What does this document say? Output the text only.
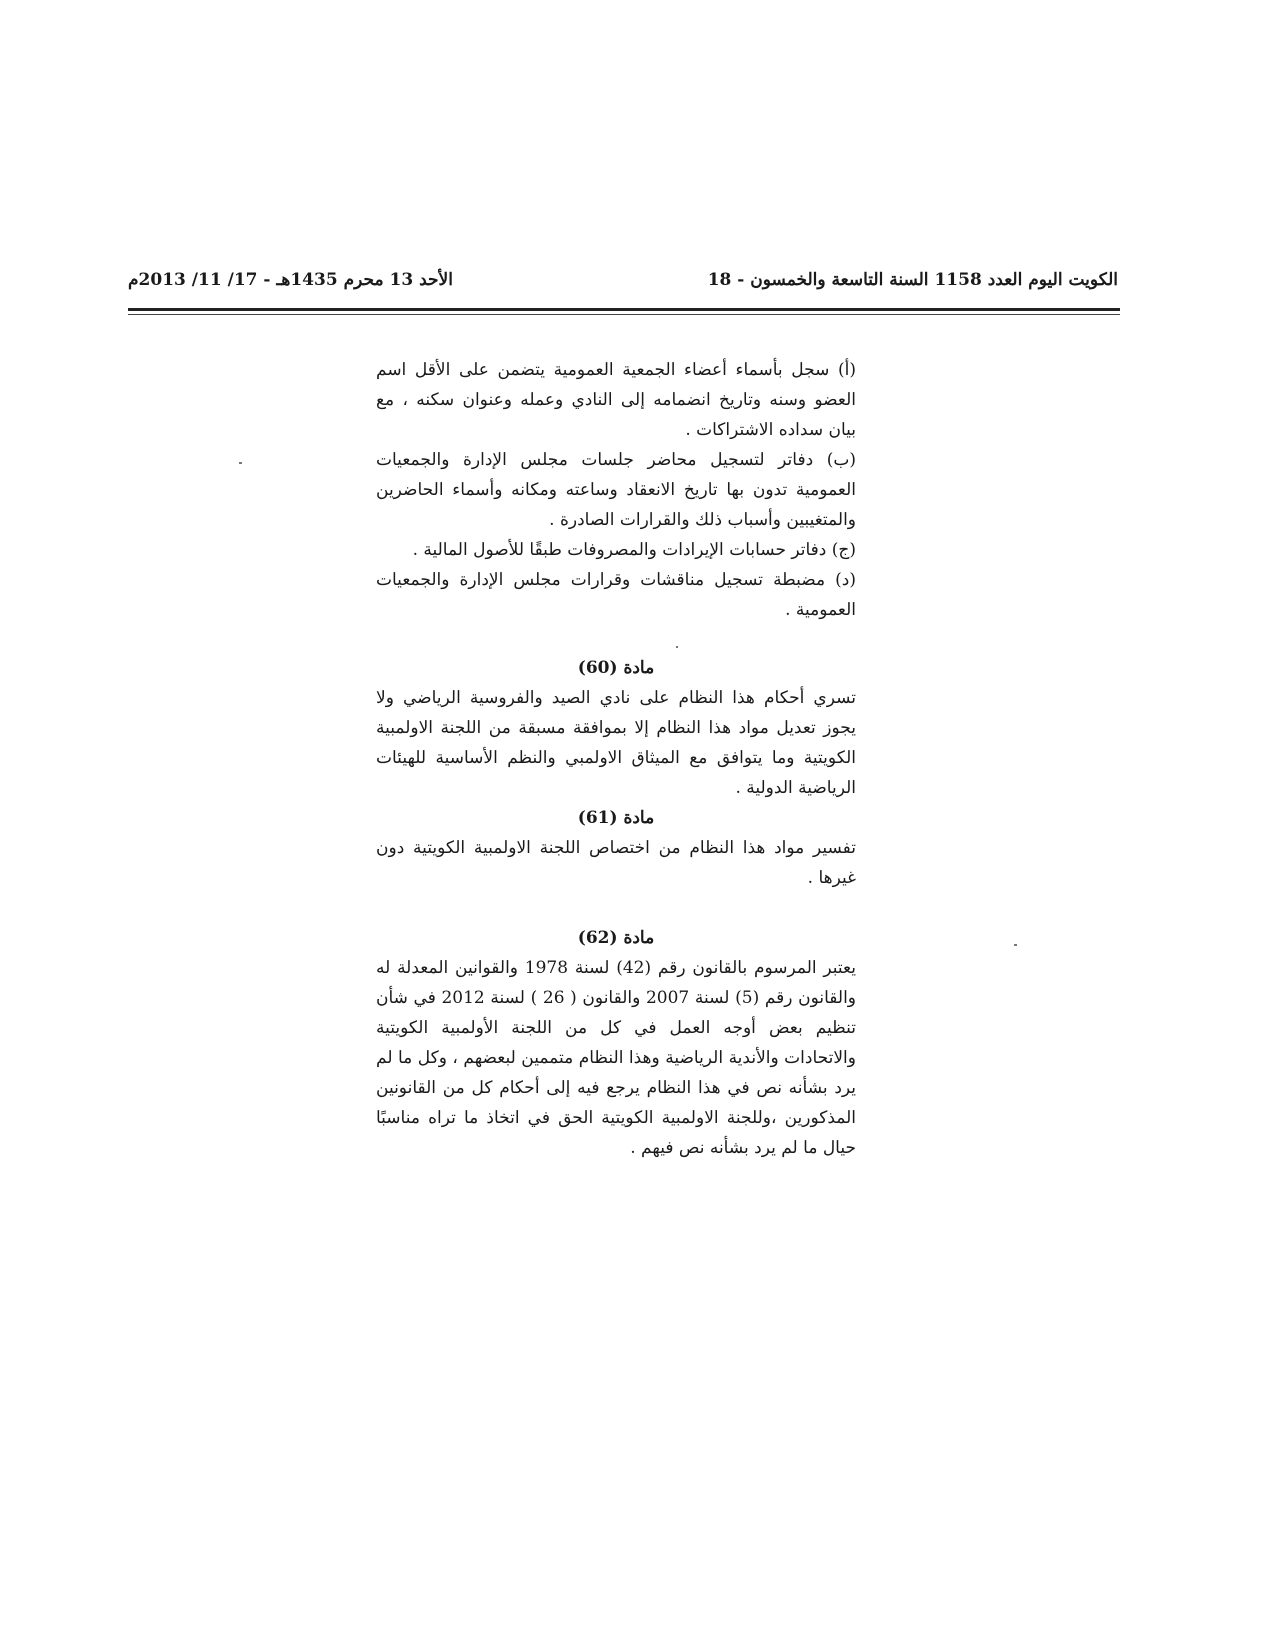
الكويت اليوم العدد 1158 السنة التاسعة والخمسون - 18
الأحد 13 محرم 1435هـ - 17/ 11/ 2013م

(أ) سجل بأسماء أعضاء الجمعية العمومية يتضمن على الأقل اسم العضو وسنه وتاريخ انضمامه إلى النادي وعمله وعنوان سكنه ، مع بيان سداده الاشتراكات .

(ب) دفاتر لتسجيل محاضر جلسات مجلس الإدارة والجمعيات العمومية تدون بها تاريخ الانعقاد وساعته ومكانه وأسماء الحاضرين والمتغيبين وأسباب ذلك والقرارات الصادرة .

(ج) دفاتر حسابات الإيرادات والمصروفات طبقًا للأصول المالية .

(د) مضبطة تسجيل مناقشات وقرارات مجلس الإدارة والجمعيات العمومية .

مادة (60)

تسري أحكام هذا النظام على نادي الصيد والفروسية الرياضي ولا يجوز تعديل مواد هذا النظام إلا بموافقة مسبقة من اللجنة الاولمبية الكويتية وما يتوافق مع الميثاق الاولمبي والنظم الأساسية للهيئات الرياضية الدولية .

مادة (61)

تفسير مواد هذا النظام من اختصاص اللجنة الاولمبية الكويتية دون غيرها .

مادة (62)

يعتبر المرسوم بالقانون رقم (42) لسنة 1978 والقوانين المعدلة له والقانون رقم (5) لسنة 2007 والقانون ( 26 ) لسنة 2012 في شأن تنظيم بعض أوجه العمل في كل من اللجنة الأولمبية الكويتية والاتحادات والأندية الرياضية وهذا النظام متممين لبعضهم ، وكل ما لم يرد بشأنه نص في هذا النظام يرجع فيه إلى أحكام كل من القانونين المذكورين ،وللجنة الاولمبية الكويتية الحق في اتخاذ ما تراه مناسبًا حيال ما لم يرد بشأنه نص فيهم .
